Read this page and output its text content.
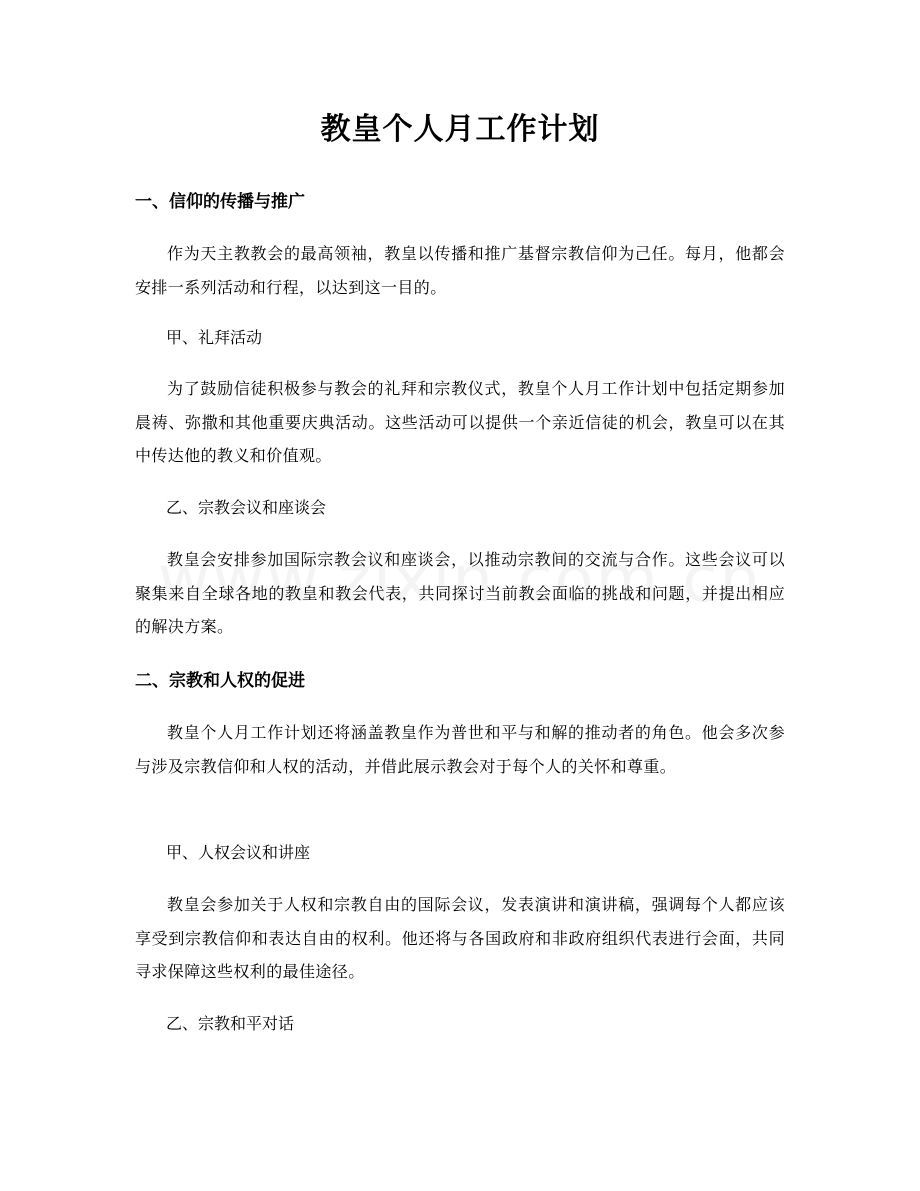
教皇个人月工作计划
一、信仰的传播与推广

作为天主教教会的最高领袖，教皇以传播和推广基督宗教信仰为己任。每月，他都会安排一系列活动和行程，以达到这一目的。

甲、礼拜活动

为了鼓励信徒积极参与教会的礼拜和宗教仪式，教皇个人月工作计划中包括定期参加晨祷、弥撒和其他重要庆典活动。这些活动可以提供一个亲近信徒的机会，教皇可以在其中传达他的教义和价值观。

乙、宗教会议和座谈会

教皇会安排参加国际宗教会议和座谈会，以推动宗教间的交流与合作。这些会议可以聚集来自全球各地的教皇和教会代表，共同探讨当前教会面临的挑战和问题，并提出相应的解决方案。

二、宗教和人权的促进

教皇个人月工作计划还将涵盖教皇作为普世和平与和解的推动者的角色。他会多次参与涉及宗教信仰和人权的活动，并借此展示教会对于每个人的关怀和尊重。

甲、人权会议和讲座

教皇会参加关于人权和宗教自由的国际会议，发表演讲和演讲稿，强调每个人都应该享受到宗教信仰和表达自由的权利。他还将与各国政府和非政府组织代表进行会面，共同寻求保障这些权利的最佳途径。

乙、宗教和平对话
